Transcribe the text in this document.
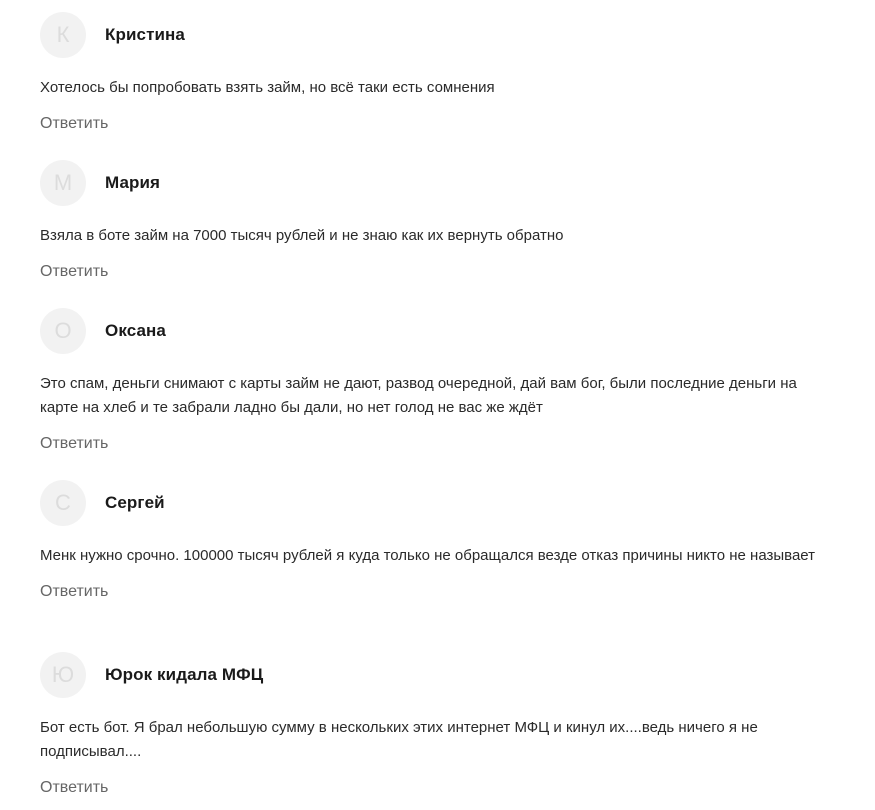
К	Кристина
Хотелось бы попробовать взять займ, но всё таки есть сомнения
Ответить
М	Мария
Взяла в боте займ на 7000 тысяч рублей и не знаю как их вернуть обратно
Ответить
О	Оксана
Это спам, деньги снимают с карты займ не дают, развод очередной, дай вам бог, были последние деньги на карте на хлеб и те забрали ладно бы дали, но нет голод не вас же ждёт
Ответить
С	Сергей
Менк нужно срочно. 100000 тысяч рублей я куда только не обращался везде отказ причины никто не называет
Ответить
Ю	Юрок кидала МФЦ
Бот есть бот. Я брал небольшую сумму в нескольких этих интернет МФЦ и кинул их....ведь ничего я не подписывал....
Ответить
